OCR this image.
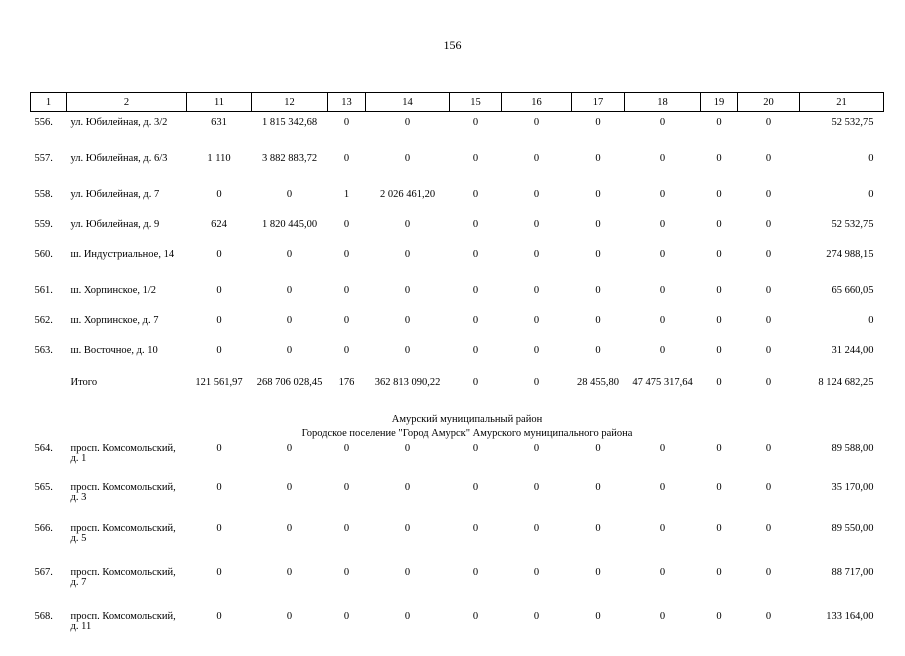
156
1	2	11	12	13	14	15	16	17	18	19	20	21
556.	ул. Юбилейная, д. 3/2	631	1 815 342,68	0	0	0	0	0	0	0	0	52 532,75
557.	ул. Юбилейная, д. 6/3	1 110	3 882 883,72	0	0	0	0	0	0	0	0	0
558.	ул. Юбилейная, д. 7	0	0	1	2 026 461,20	0	0	0	0	0	0	0
559.	ул. Юбилейная, д. 9	624	1 820 445,00	0	0	0	0	0	0	0	0	52 532,75
560.	ш. Индустриальное, 14	0	0	0	0	0	0	0	0	0	0	274 988,15
561.	ш. Хорпинское, 1/2	0	0	0	0	0	0	0	0	0	0	65 660,05
562.	ш. Хорпинское, д. 7	0	0	0	0	0	0	0	0	0	0	0
563.	ш. Восточное, д. 10	0	0	0	0	0	0	0	0	0	0	31 244,00
	Итого	121 561,97	268 706 028,45	176	362 813 090,22	0	0	28 455,80	47 475 317,64	0	0	8 124 682,25

Амурский муниципальный район												

Городское поселение "Город Амурск" Амурского муниципального района												

564.	просп. Комсомольский, д. 1	0	0	0	0	0	0	0	0	0	0	89 588,00
565.	просп. Комсомольский, д. 3	0	0	0	0	0	0	0	0	0	0	35 170,00
566.	просп. Комсомольский, д. 5	0	0	0	0	0	0	0	0	0	0	89 550,00
567.	просп. Комсомольский, д. 7	0	0	0	0	0	0	0	0	0	0	88 717,00
568.	просп. Комсомольский, д. 11	0	0	0	0	0	0	0	0	0	0	133 164,00
